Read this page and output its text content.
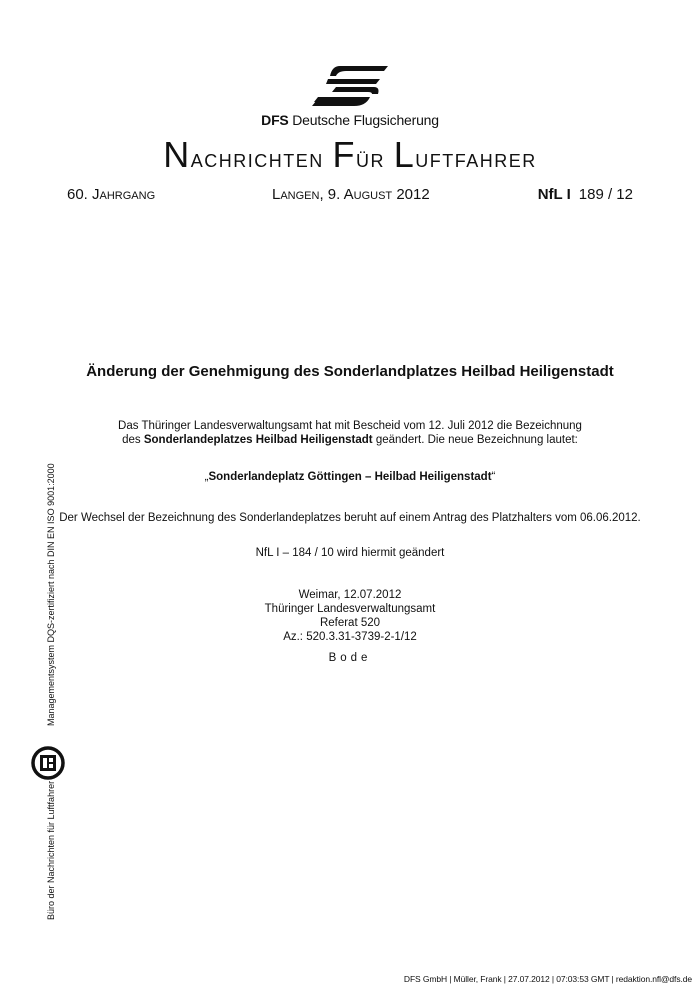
DFS Deutsche Flugsicherung
Nachrichten Für Luftfahrer
60. Jahrgang	Langen, 9. August 2012	NfL I 189 / 12
Änderung der Genehmigung des Sonderlandplatzes Heilbad Heiligenstadt
Das Thüringer Landesverwaltungsamt hat mit Bescheid vom 12. Juli 2012 die Bezeichnung
des Sonderlandeplatzes Heilbad Heiligenstadt geändert. Die neue Bezeichnung lautet:
„Sonderlandeplatz Göttingen – Heilbad Heiligenstadt“
Der Wechsel der Bezeichnung des Sonderlandeplatzes beruht auf einem Antrag des Platzhalters vom 06.06.2012.
NfL I – 184 / 10 wird hiermit geändert
Weimar, 12.07.2012
Thüringer Landesverwaltungsamt
Referat 520
Az.: 520.3.31-3739-2-1/12
Bode
Managementsystem DQS-zertifiziert nach DIN EN ISO 9001:2000
Büro der Nachrichten für Luftfahrer
DFS GmbH | Müller, Frank | 27.07.2012 | 07:03:53 GMT | redaktion.nfl@dfs.de
